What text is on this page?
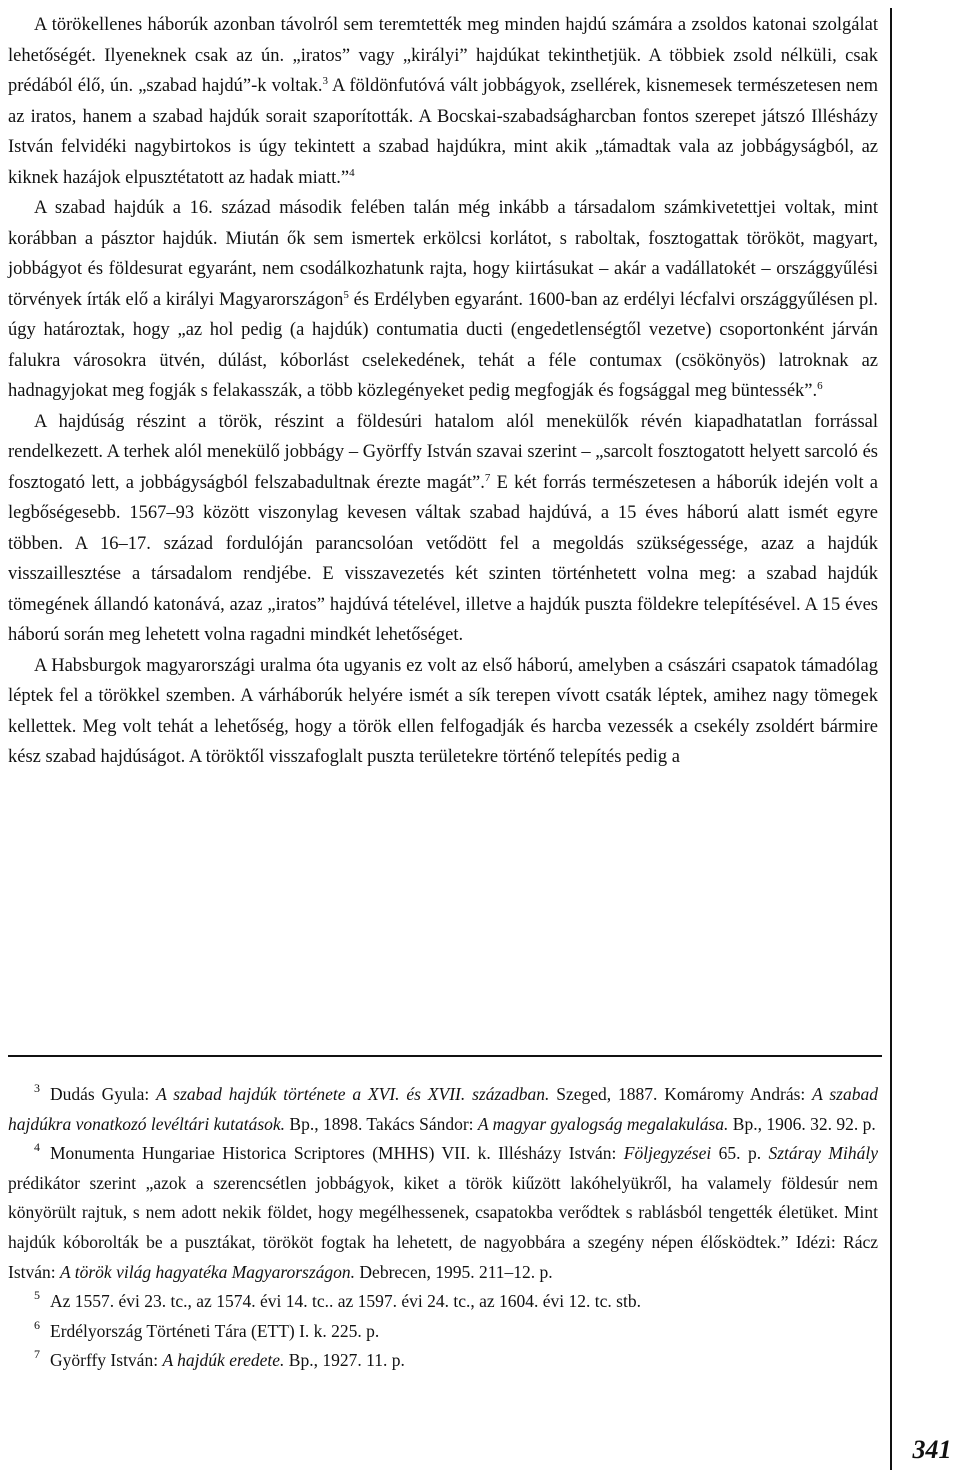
A törökellenes háborúk azonban távolról sem teremtették meg minden hajdú számára a zsoldos katonai szolgálat lehetőségét. Ilyeneknek csak az ún. „iratos” vagy „királyi” hajdúkat tekinthetjük. A többiek zsold nélküli, csak prédából élő, ún. „szabad hajdú”-k voltak.$^3$ A földönfutóvá vált jobbágyok, zsellérek, kisnemesek természetesen nem az iratos, hanem a szabad hajdúk sorait szaporították. A Bocskai-szabadságharcban fontos szerepet játszó Illésházy István felvidéki nagybirtokos is úgy tekintett a szabad hajdúkra, mint akik „támadtak vala az jobbágyságból, az kiknek hazájok elpusztétatott az hadak miatt.”$^4$

A szabad hajdúk a 16. század második felében talán még inkább a társadalom számkivetettjei voltak, mint korábban a pásztor hajdúk. Miután ők sem ismertek erkölcsi korlátot, s raboltak, fosztogattak törököt, magyart, jobbágyot és földesurat egyaránt, nem csodálkozhatunk rajta, hogy kiirtásukat – akár a vadállatokét – országgyűlési törvények írták elő a királyi Magyarországon$^5$ és Erdélyben egyaránt. 1600-ban az erdélyi lécfalvi országgyűlésen pl. úgy határoztak, hogy „az hol pedig (a hajdúk) contumatia ducti (engedetlenségtől vezetve) csoportonként járván falukra városokra ütvén, dúlást, kóborlást cselekedének, tehát a féle contumax (csökönyös) latroknak az hadnagyjokat meg fogják s felakasszák, a több közlegényeket pedig megfogják és fogsággal meg büntessék”.$^6$

A hajdúság részint a török, részint a földesúri hatalom alól menekülők révén kiapadhatatlan forrással rendelkezett. A terhek alól menekülő jobbágy – Györffy István szavai szerint – „sarcolt fosztogatott helyett sarcoló és fosztogató lett, a jobbágyságból felszabadultnak érezte magát”.$^7$ E két forrás természetesen a háborúk idején volt a legbőségesebb. 1567–93 között viszonylag kevesen váltak szabad hajdúvá, a 15 éves háború alatt ismét egyre többen. A 16–17. század fordulóján parancsolóan vetődött fel a megoldás szükségessége, azaz a hajdúk visszaillesztése a társadalom rendjébe. E visszavezetés két szinten történhetett volna meg: a szabad hajdúk tömegének állandó katonává, azaz „iratos” hajdúvá tételével, illetve a hajdúk puszta földekre telepítésével. A 15 éves háború során meg lehetett volna ragadni mindkét lehetőséget.

A Habsburgok magyarországi uralma óta ugyanis ez volt az első háború, amelyben a császári csapatok támadólag léptek fel a törökkel szemben. A várháborúk helyére ismét a sík terepen vívott csaták léptek, amihez nagy tömegek kellettek. Meg volt tehát a lehetőség, hogy a török ellen felfogadják és harcba vezessék a csekély zsoldért bármire kész szabad hajdúságot. A töröktől visszafoglalt puszta területekre történő telepítés pedig a

$^3$ Dudás Gyula: A szabad hajdúk története a XVI. és XVII. században. Szeged, 1887. Komáromy András: A szabad hajdúkra vonatkozó levéltári kutatások. Bp., 1898. Takács Sándor: A magyar gyalogság megalakulása. Bp., 1906. 32. 92. p.

$^4$ Monumenta Hungariae Historica Scriptores (MHHS) VII. k. Illésházy István: Följegyzései 65. p. Sztáray Mihály prédikátor szerint „azok a szerencsétlen jobbágyok, kiket a török kiűzött lakóhelyükről, ha valamely földesúr nem könyörült rajtuk, s nem adott nekik földet, hogy megélhessenek, csapatokba verődtek s rablásból tengették életüket. Mint hajdúk kóborolták be a pusztákat, törököt fogtak ha lehetett, de nagyobbára a szegény népen élősködtek.” Idézi: Rácz István: A török világ hagyatéka Magyarországon. Debrecen, 1995. 211–12. p.

$^5$ Az 1557. évi 23. tc., az 1574. évi 14. tc.. az 1597. évi 24. tc., az 1604. évi 12. tc. stb.

$^6$ Erdélyország Történeti Tára (ETT) I. k. 225. p.

$^7$ Györffy István: A hajdúk eredete. Bp., 1927. 11. p.

341
